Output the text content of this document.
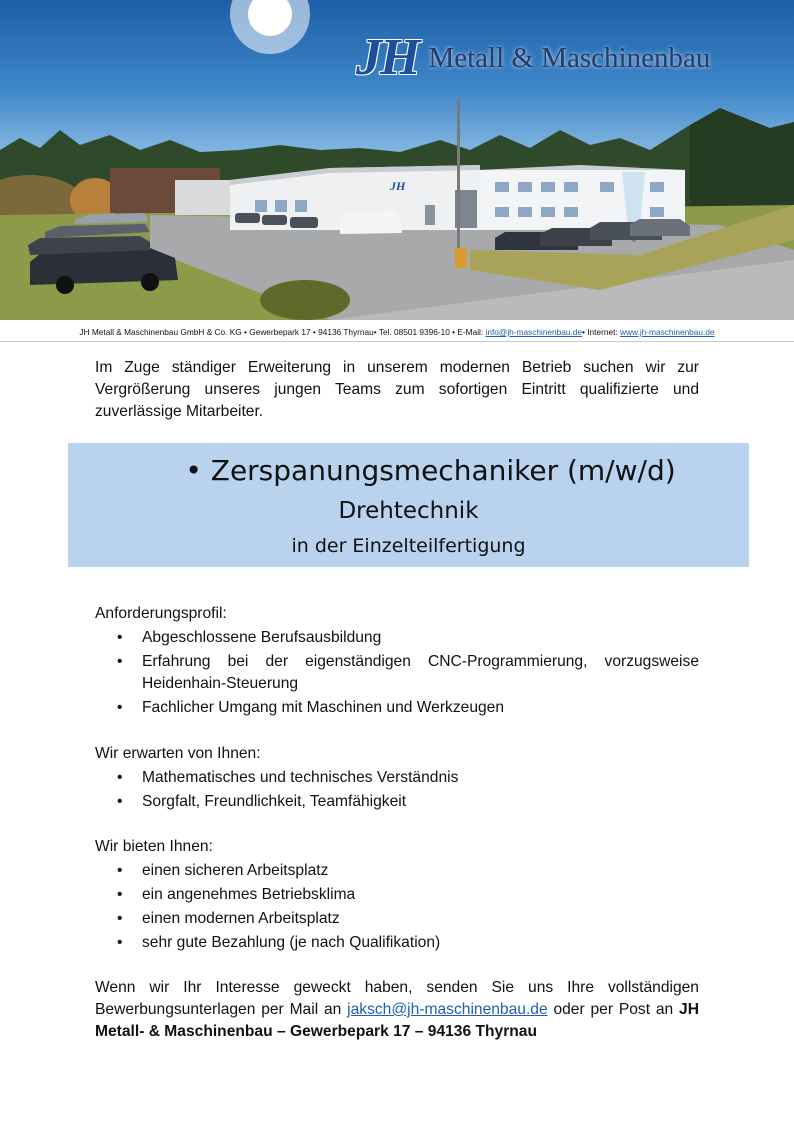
JH
JH Metall & Maschinenbau
JH Metall & Maschinenbau GmbH & Co. KG • Gewerbepark 17 • 94136 Thyrnau• Tel. 08501 9396-10 • E-Mail: info@jh-maschinenbau.de• Internet: www.jh-maschinenbau.de
Im Zuge ständiger Erweiterung in unserem modernen Betrieb suchen wir zur Vergrößerung unseres jungen Teams zum sofortigen Eintritt qualifizierte und zuverlässige Mitarbeiter.
• Zerspanungsmechaniker (m/w/d)
Drehtechnik
in der Einzelteilfertigung
Anforderungsprofil:
• Abgeschlossene Berufsausbildung
• Erfahrung bei der eigenständigen CNC-Programmierung, vorzugsweise Heidenhain-Steuerung
• Fachlicher Umgang mit Maschinen und Werkzeugen
Wir erwarten von Ihnen:
• Mathematisches und technisches Verständnis
• Sorgfalt, Freundlichkeit, Teamfähigkeit
Wir bieten Ihnen:
• einen sicheren Arbeitsplatz
• ein angenehmes Betriebsklima
• einen modernen Arbeitsplatz
• sehr gute Bezahlung (je nach Qualifikation)
Wenn wir Ihr Interesse geweckt haben, senden Sie uns Ihre vollständigen Bewerbungsunterlagen per Mail an jaksch@jh-maschinenbau.de oder per Post an JH Metall- & Maschinenbau – Gewerbepark 17 – 94136 Thyrnau
